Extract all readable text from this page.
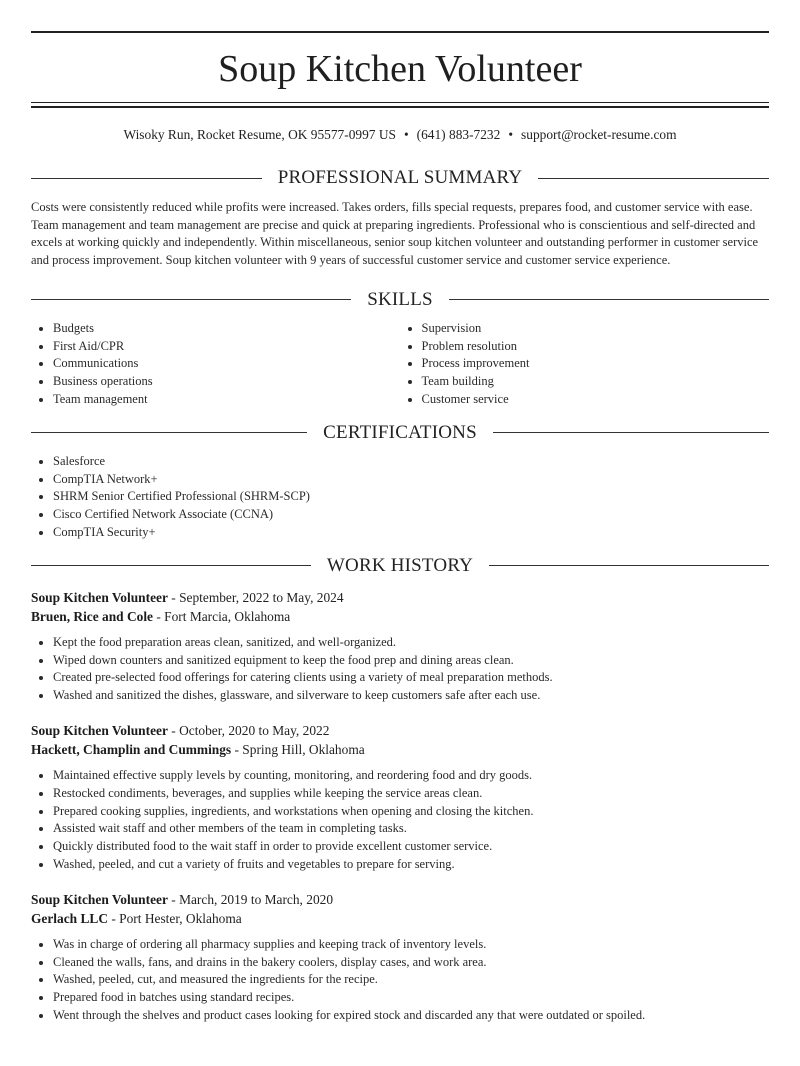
Soup Kitchen Volunteer
Wisoky Run, Rocket Resume, OK 95577-0997 US • (641) 883-7232 • support@rocket-resume.com
PROFESSIONAL SUMMARY

Costs were consistently reduced while profits were increased. Takes orders, fills special requests, prepares food, and customer service with ease. Team management and team management are precise and quick at preparing ingredients. Professional who is conscientious and self-directed and excels at working quickly and independently. Within miscellaneous, senior soup kitchen volunteer and outstanding performer in customer service and process improvement. Soup kitchen volunteer with 9 years of successful customer service and customer service experience.

SKILLS
• Budgets
• First Aid/CPR
• Communications
• Business operations
• Team management
• Supervision
• Problem resolution
• Process improvement
• Team building
• Customer service
CERTIFICATIONS
• Salesforce
• CompTIA Network+
• SHRM Senior Certified Professional (SHRM-SCP)
• Cisco Certified Network Associate (CCNA)
• CompTIA Security+
WORK HISTORY
Soup Kitchen Volunteer - September, 2022 to May, 2024
Bruen, Rice and Cole - Fort Marcia, Oklahoma
• Kept the food preparation areas clean, sanitized, and well-organized.
• Wiped down counters and sanitized equipment to keep the food prep and dining areas clean.
• Created pre-selected food offerings for catering clients using a variety of meal preparation methods.
• Washed and sanitized the dishes, glassware, and silverware to keep customers safe after each use.
Soup Kitchen Volunteer - October, 2020 to May, 2022
Hackett, Champlin and Cummings - Spring Hill, Oklahoma
• Maintained effective supply levels by counting, monitoring, and reordering food and dry goods.
• Restocked condiments, beverages, and supplies while keeping the service areas clean.
• Prepared cooking supplies, ingredients, and workstations when opening and closing the kitchen.
• Assisted wait staff and other members of the team in completing tasks.
• Quickly distributed food to the wait staff in order to provide excellent customer service.
• Washed, peeled, and cut a variety of fruits and vegetables to prepare for serving.
Soup Kitchen Volunteer - March, 2019 to March, 2020
Gerlach LLC - Port Hester, Oklahoma
• Was in charge of ordering all pharmacy supplies and keeping track of inventory levels.
• Cleaned the walls, fans, and drains in the bakery coolers, display cases, and work area.
• Washed, peeled, cut, and measured the ingredients for the recipe.
• Prepared food in batches using standard recipes.
• Went through the shelves and product cases looking for expired stock and discarded any that were outdated or spoiled.
